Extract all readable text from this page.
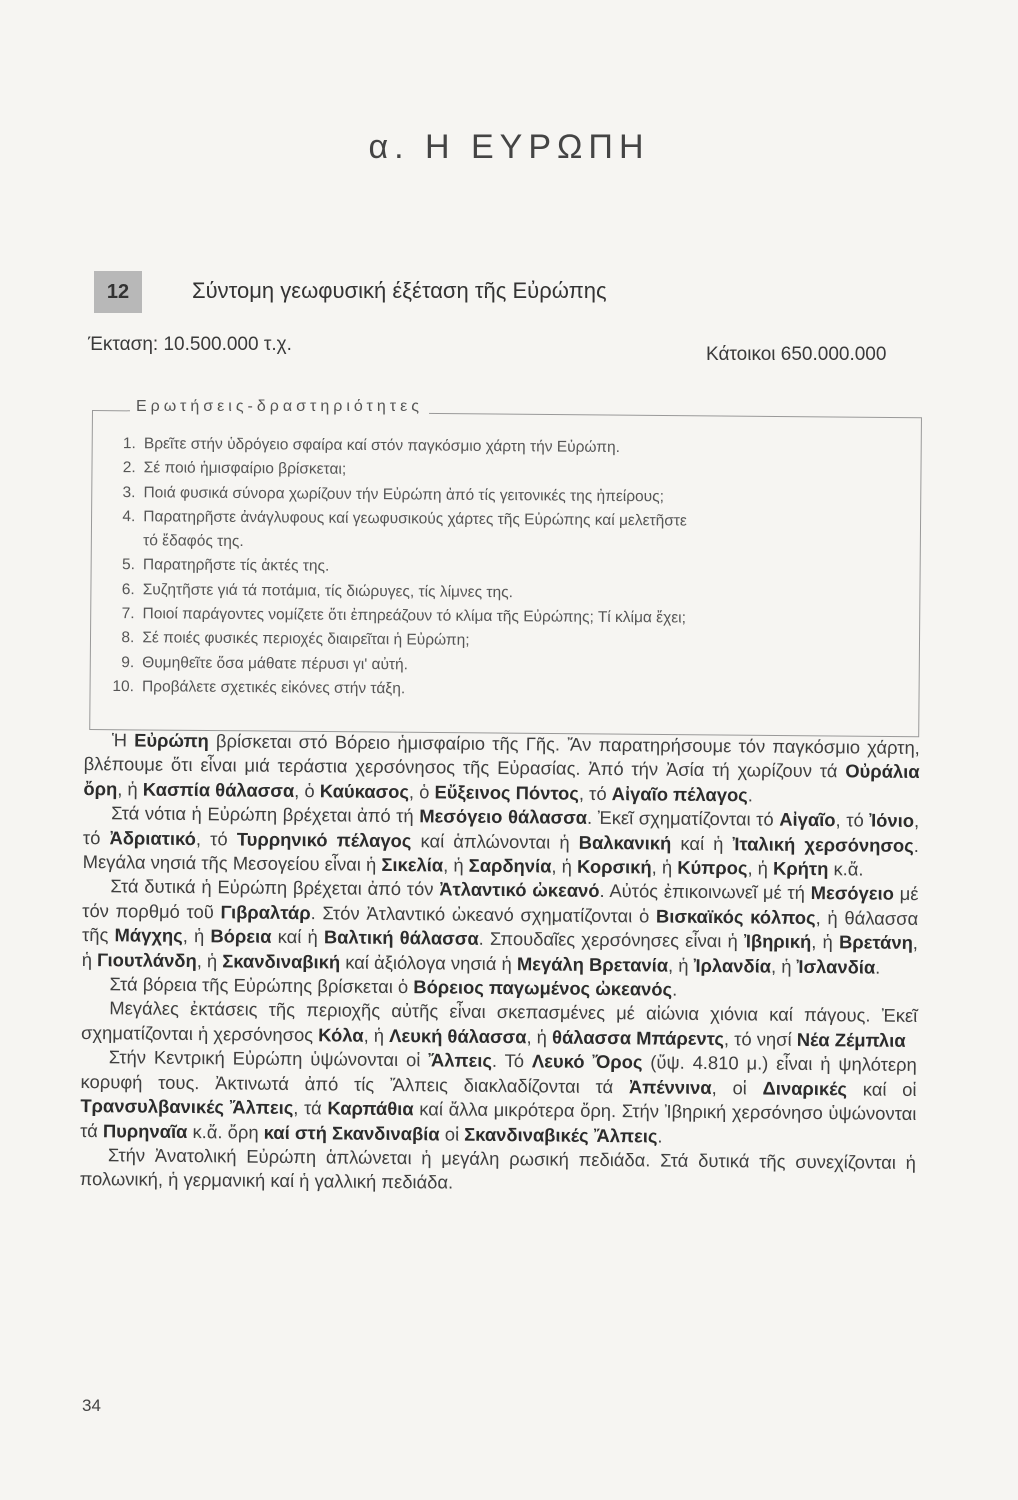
α. Η ΕΥΡΩΠΗ
12	Σύντομη γεωφυσική έξέταση τῆς Εὐρώπης
Έκταση: 10.500.000 τ.χ.	Κάτοικοι 650.000.000
Ερωτήσεις-δραστηριότητες
1. Βρεῖτε στήν ὑδρόγειο σφαίρα καί στόν παγκόσμιο χάρτη τήν Εὐρώπη.
2. Σέ ποιό ἡμισφαίριο βρίσκεται;
3. Ποιά φυσικά σύνορα χωρίζουν τήν Εὐρώπη ἀπό τίς γειτονικές της ἠπείρους;
4. Παρατηρῆστε ἀνάγλυφους καί γεωφυσικούς χάρτες τῆς Εὐρώπης καί μελετῆστε
τό ἔδαφός της.
5. Παρατηρῆστε τίς ἀκτές της.
6. Συζητῆστε γιά τά ποτάμια, τίς διώρυγες, τίς λίμνες της.
7. Ποιοί παράγοντες νομίζετε ὅτι ἐπηρεάζουν τό κλίμα τῆς Εὐρώπης; Τί κλίμα ἔχει;
8. Σέ ποιές φυσικές περιοχές διαιρεῖται ἡ Εὐρώπη;
9. Θυμηθεῖτε ὅσα μάθατε πέρυσι γι' αὐτή.
10. Προβάλετε σχετικές εἰκόνες στήν τάξη.

Ἡ Εὐρώπη βρίσκεται στό Βόρειο ἡμισφαίριο τῆς Γῆς. Ἄν παρατηρήσουμε τόν παγκόσμιο χάρτη, βλέπουμε ὅτι εἶναι μιά τεράστια χερσόνησος τῆς Εὐρασίας. Ἀπό τήν Ἀσία τή χωρίζουν τά Οὐράλια ὄρη, ἡ Κασπία θάλασσα, ὁ Καύκασος, ὁ Εὔξεινος Πόντος, τό Αἰγαῖο πέλαγος.

Στά νότια ἡ Εὐρώπη βρέχεται ἀπό τή Μεσόγειο θάλασσα. Ἐκεῖ σχηματίζονται τό Αἰγαῖο, τό Ἰόνιο, τό Ἀδριατικό, τό Τυρρηνικό πέλαγος καί ἁπλώνονται ἡ Βαλκανική καί ἡ Ἰταλική χερσόνησος. Μεγάλα νησιά τῆς Μεσογείου εἶναι ἡ Σικελία, ἡ Σαρδηνία, ἡ Κορσική, ἡ Κύπρος, ἡ Κρήτη κ.ἄ.

Στά δυτικά ἡ Εὐρώπη βρέχεται ἀπό τόν Ἀτλαντικό ὠκεανό. Αὐτός ἐπικοινωνεῖ μέ τή Μεσόγειο μέ τόν πορθμό τοῦ Γιβραλτάρ. Στόν Ἀτλαντικό ὠκεανό σχηματίζονται ὁ Βισκαϊκός κόλπος, ἡ θάλασσα τῆς Μάγχης, ἡ Βόρεια καί ἡ Βαλτική θάλασσα. Σπουδαῖες χερσόνησες εἶναι ἡ Ἰβηρική, ἡ Βρετάνη, ἡ Γιουτλάνδη, ἡ Σκανδιναβική καί ἀξιόλογα νησιά ἡ Μεγάλη Βρετανία, ἡ Ἰρλανδία, ἡ Ἰσλανδία.

Στά βόρεια τῆς Εὐρώπης βρίσκεται ὁ Βόρειος παγωμένος ὠκεανός.

Μεγάλες ἐκτάσεις τῆς περιοχῆς αὐτῆς εἶναι σκεπασμένες μέ αἰώνια χιόνια καί πάγους. Ἐκεῖ σχηματίζονται ἡ χερσόνησος Κόλα, ἡ Λευκή θάλασσα, ἡ θάλασσα Μπάρεντς, τό νησί Νέα Ζέμπλια

Στήν Κεντρική Εὐρώπη ὑψώνονται οἱ Ἄλπεις. Τό Λευκό Ὄρος (ὕψ. 4.810 μ.) εἶναι ἡ ψηλότερη κορυφή τους. Ἀκτινωτά ἀπό τίς Ἄλπεις διακλαδίζονται τά Ἀπέννινα, οἱ Διναρικές καί οἱ Τρανσυλβανικές Ἄλπεις, τά Καρπάθια καί ἄλλα μικρότερα ὄρη. Στήν Ἰβηρική χερσόνησο ὑψώνονται τά Πυρηναῖα κ.ἄ. ὄρη καί στή Σκανδιναβία οἱ Σκανδιναβικές Ἄλπεις.

Στήν Ἀνατολική Εὐρώπη ἁπλώνεται ἡ μεγάλη ρωσική πεδιάδα. Στά δυτικά τῆς συνεχίζονται ἡ πολωνική, ἡ γερμανική καί ἡ γαλλική πεδιάδα.

34
